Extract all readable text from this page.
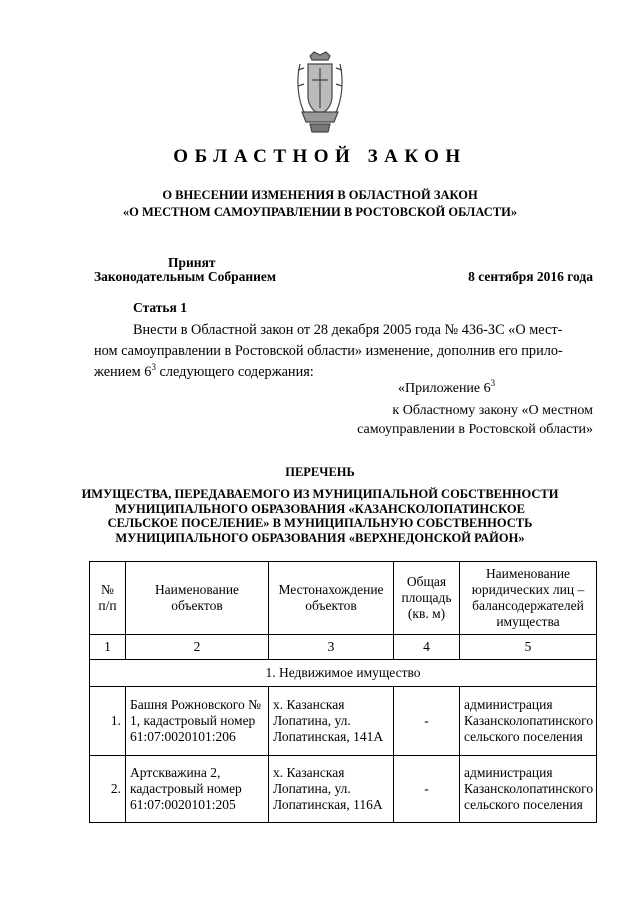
ОБЛАСТНОЙ ЗАКОН
О ВНЕСЕНИИ ИЗМЕНЕНИЯ В ОБЛАСТНОЙ ЗАКОН
«О МЕСТНОМ САМОУПРАВЛЕНИИ В РОСТОВСКОЙ ОБЛАСТИ»
Принят
Законодательным Собранием	8 сентября 2016 года
Статья 1
Внести в Областной закон от 28 декабря 2005 года № 436-ЗС «О мест-
ном самоуправлении в Ростовской области» изменение, дополнив его прило-
жением $6^3$ следующего содержания:
«Приложение $6^3$
к Областному закону «О местном
самоуправлении в Ростовской области»
ПЕРЕЧЕНЬ
ИМУЩЕСТВА, ПЕРЕДАВАЕМОГО ИЗ МУНИЦИПАЛЬНОЙ СОБСТВЕННОСТИ
МУНИЦИПАЛЬНОГО ОБРАЗОВАНИЯ «КАЗАНСКОЛОПАТИНСКОЕ
СЕЛЬСКОЕ ПОСЕЛЕНИЕ» В МУНИЦИПАЛЬНУЮ СОБСТВЕННОСТЬ
МУНИЦИПАЛЬНОГО ОБРАЗОВАНИЯ «ВЕРХНЕДОНСКОЙ РАЙОН»
№ п/п	Наименование объектов	Местонахождение объектов	Общая площадь (кв. м)	Наименование юридических лиц – балансодержателей имущества
1	2	3	4	5
1. Недвижимое имущество				
1.	Башня Рожновского № 1, кадастровый номер 61:07:0020101:206	х. Казанская Лопатина, ул. Лопатинская, 141А	-	администрация Казансколопатинского сельского поселения
2.	Артскважина 2, кадастровый номер 61:07:0020101:205	х. Казанская Лопатина, ул. Лопатинская, 116А	-	администрация Казансколопатинского сельского поселения
